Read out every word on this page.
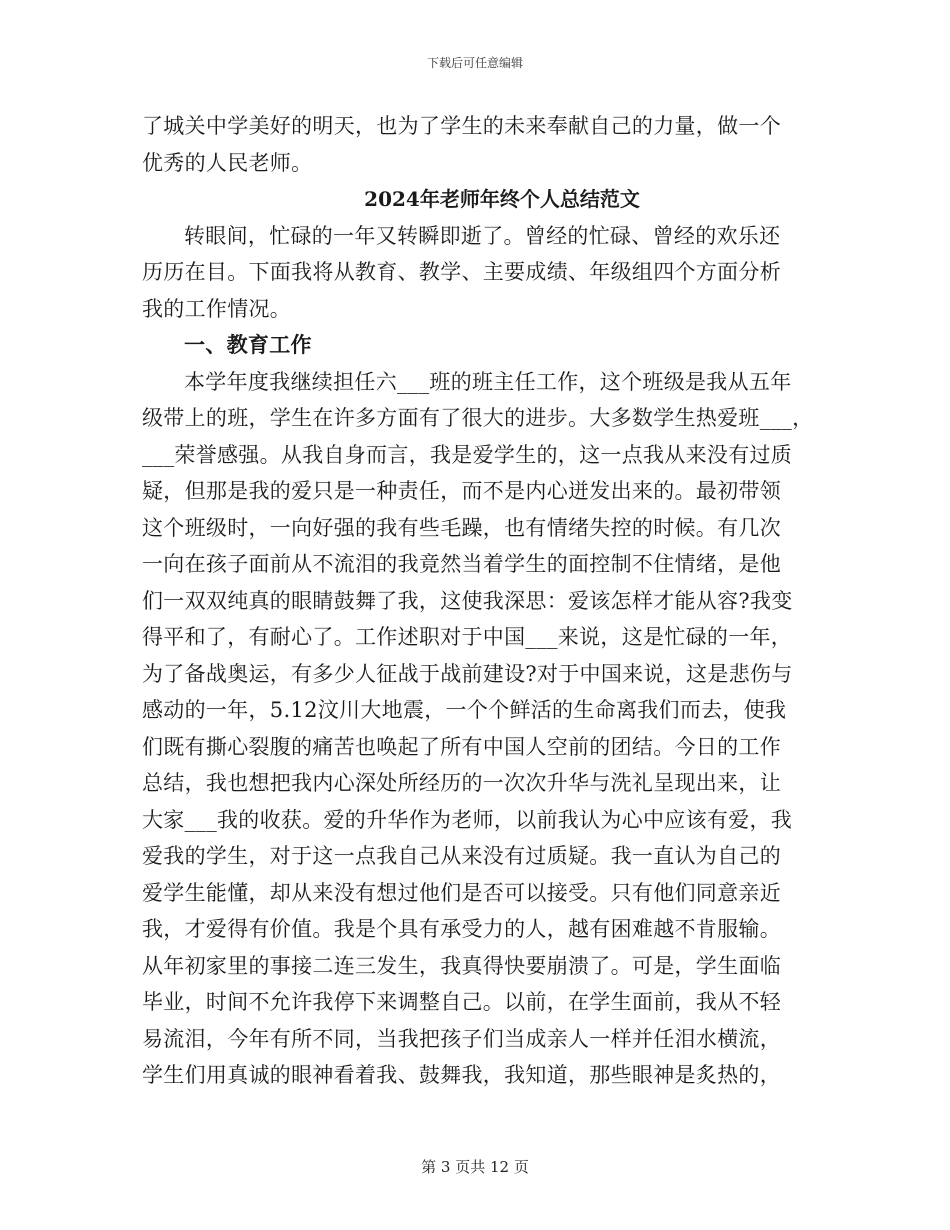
下载后可任意编辑
了城关中学美好的明天，也为了学生的未来奉献自己的力量，做一个
优秀的人民老师。
2024年老师年终个人总结范文
转眼间，忙碌的一年又转瞬即逝了。曾经的忙碌、曾经的欢乐还
历历在目。下面我将从教育、教学、主要成绩、年级组四个方面分析
我的工作情况。
一、教育工作
本学年度我继续担任六___班的班主任工作，这个班级是我从五年
级带上的班，学生在许多方面有了很大的进步。大多数学生热爱班___，
___荣誉感强。从我自身而言，我是爱学生的，这一点我从来没有过质
疑，但那是我的爱只是一种责任，而不是内心迸发出来的。最初带领
这个班级时，一向好强的我有些毛躁，也有情绪失控的时候。有几次
一向在孩子面前从不流泪的我竟然当着学生的面控制不住情绪，是他
们一双双纯真的眼睛鼓舞了我，这使我深思：爱该怎样才能从容?我变
得平和了，有耐心了。工作述职对于中国___来说，这是忙碌的一年，
为了备战奥运，有多少人征战于战前建设?对于中国来说，这是悲伤与
感动的一年，5.12汶川大地震，一个个鲜活的生命离我们而去，使我
们既有撕心裂腹的痛苦也唤起了所有中国人空前的团结。今日的工作
总结，我也想把我内心深处所经历的一次次升华与洗礼呈现出来，让
大家___我的收获。爱的升华作为老师，以前我认为心中应该有爱，我
爱我的学生，对于这一点我自己从来没有过质疑。我一直认为自己的
爱学生能懂，却从来没有想过他们是否可以接受。只有他们同意亲近
我，才爱得有价值。我是个具有承受力的人，越有困难越不肯服输。
从年初家里的事接二连三发生，我真得快要崩溃了。可是，学生面临
毕业，时间不允许我停下来调整自己。以前，在学生面前，我从不轻
易流泪，今年有所不同，当我把孩子们当成亲人一样并任泪水横流，
学生们用真诚的眼神看着我、鼓舞我，我知道，那些眼神是炙热的，
第 3 页共 12 页
